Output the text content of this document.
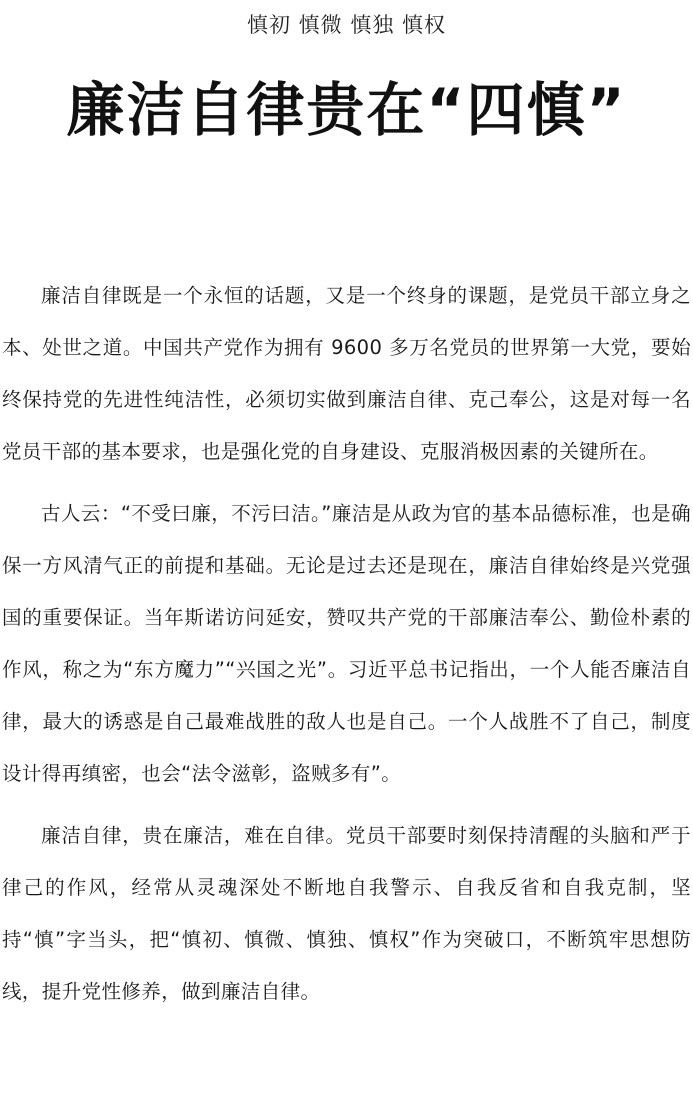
慎初 慎微 慎独 慎权
廉洁自律贵在“四慎”

廉洁自律既是一个永恒的话题，又是一个终身的课题，是党员干部立身之本、处世之道。中国共产党作为拥有 9600 多万名党员的世界第一大党，要始终保持党的先进性纯洁性，必须切实做到廉洁自律、克己奉公，这是对每一名党员干部的基本要求，也是强化党的自身建设、克服消极因素的关键所在。

古人云：“不受曰廉，不污曰洁。”廉洁是从政为官的基本品德标准，也是确保一方风清气正的前提和基础。无论是过去还是现在，廉洁自律始终是兴党强国的重要保证。当年斯诺访问延安，赞叹共产党的干部廉洁奉公、勤俭朴素的作风，称之为“东方魔力”“兴国之光”。习近平总书记指出，一个人能否廉洁自律，最大的诱惑是自己最难战胜的敌人也是自己。一个人战胜不了自己，制度设计得再缜密，也会“法令滋彰，盗贼多有”。

廉洁自律，贵在廉洁，难在自律。党员干部要时刻保持清醒的头脑和严于律己的作风，经常从灵魂深处不断地自我警示、自我反省和自我克制，坚持“慎”字当头，把“慎初、慎微、慎独、慎权”作为突破口，不断筑牢思想防线，提升党性修养，做到廉洁自律。
